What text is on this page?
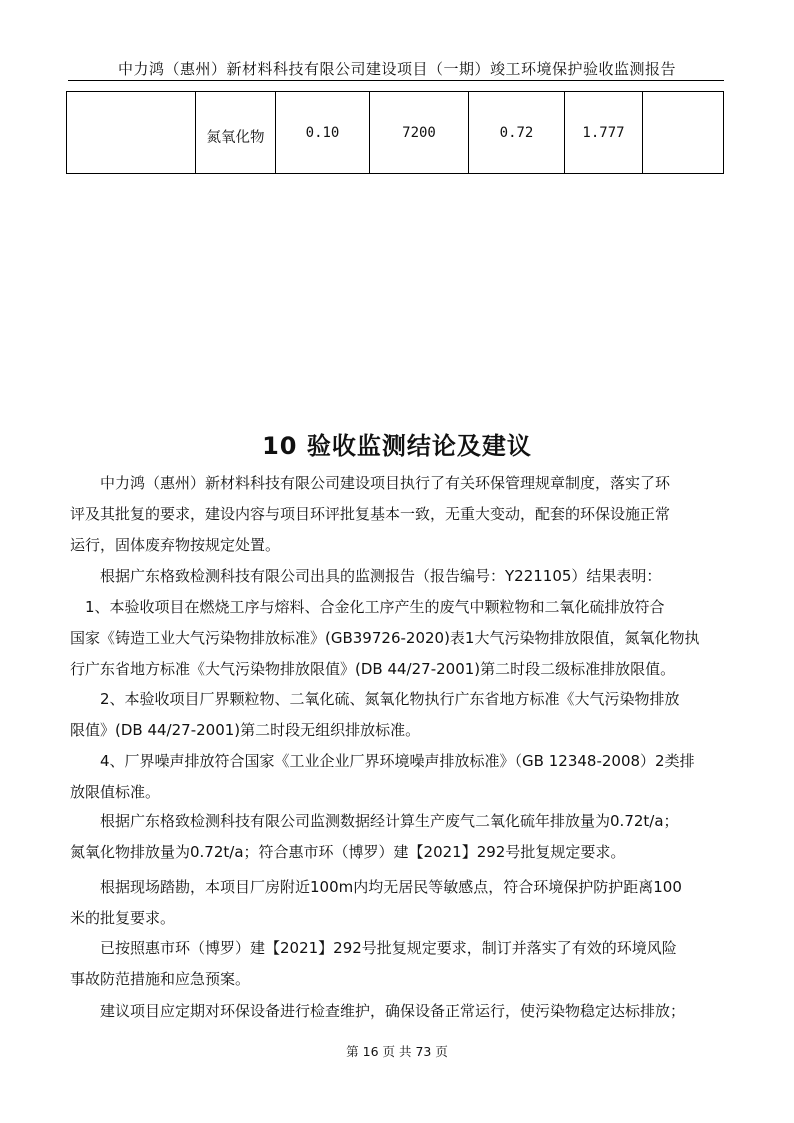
中力鸿（惠州）新材料科技有限公司建设项目（一期）竣工环境保护验收监测报告
	氮氧化物	0.10	7200	0.72	1.777	
10 验收监测结论及建议
　　中力鸿（惠州）新材料科技有限公司建设项目执行了有关环保管理规章制度，落实了环
评及其批复的要求，建设内容与项目环评批复基本一致，无重大变动，配套的环保设施正常
运行，固体废弃物按规定处置。
　　根据广东格致检测科技有限公司出具的监测报告（报告编号：Y221105）结果表明：
　1、本验收项目在燃烧工序与熔料、合金化工序产生的废气中颗粒物和二氧化硫排放符合
国家《铸造工业大气污染物排放标准》(GB39726-2020)表1大气污染物排放限值，氮氧化物执
行广东省地方标准《大气污染物排放限值》(DB 44/27-2001)第二时段二级标准排放限值。
　　2、本验收项目厂界颗粒物、二氧化硫、氮氧化物执行广东省地方标准《大气污染物排放
限值》(DB 44/27-2001)第二时段无组织排放标准。
　　4、厂界噪声排放符合国家《工业企业厂界环境噪声排放标准》（GB 12348-2008）2类排
放限值标准。
　　根据广东格致检测科技有限公司监测数据经计算生产废气二氧化硫年排放量为0.72t/a；
氮氧化物排放量为0.72t/a；符合惠市环（博罗）建【2021】292号批复规定要求。
　　根据现场踏勘，本项目厂房附近100m内均无居民等敏感点，符合环境保护防护距离100
米的批复要求。
　　已按照惠市环（博罗）建【2021】292号批复规定要求，制订并落实了有效的环境风险
事故防范措施和应急预案。
　　建议项目应定期对环保设备进行检查维护，确保设备正常运行，使污染物稳定达标排放；
第 16 页 共 73 页
